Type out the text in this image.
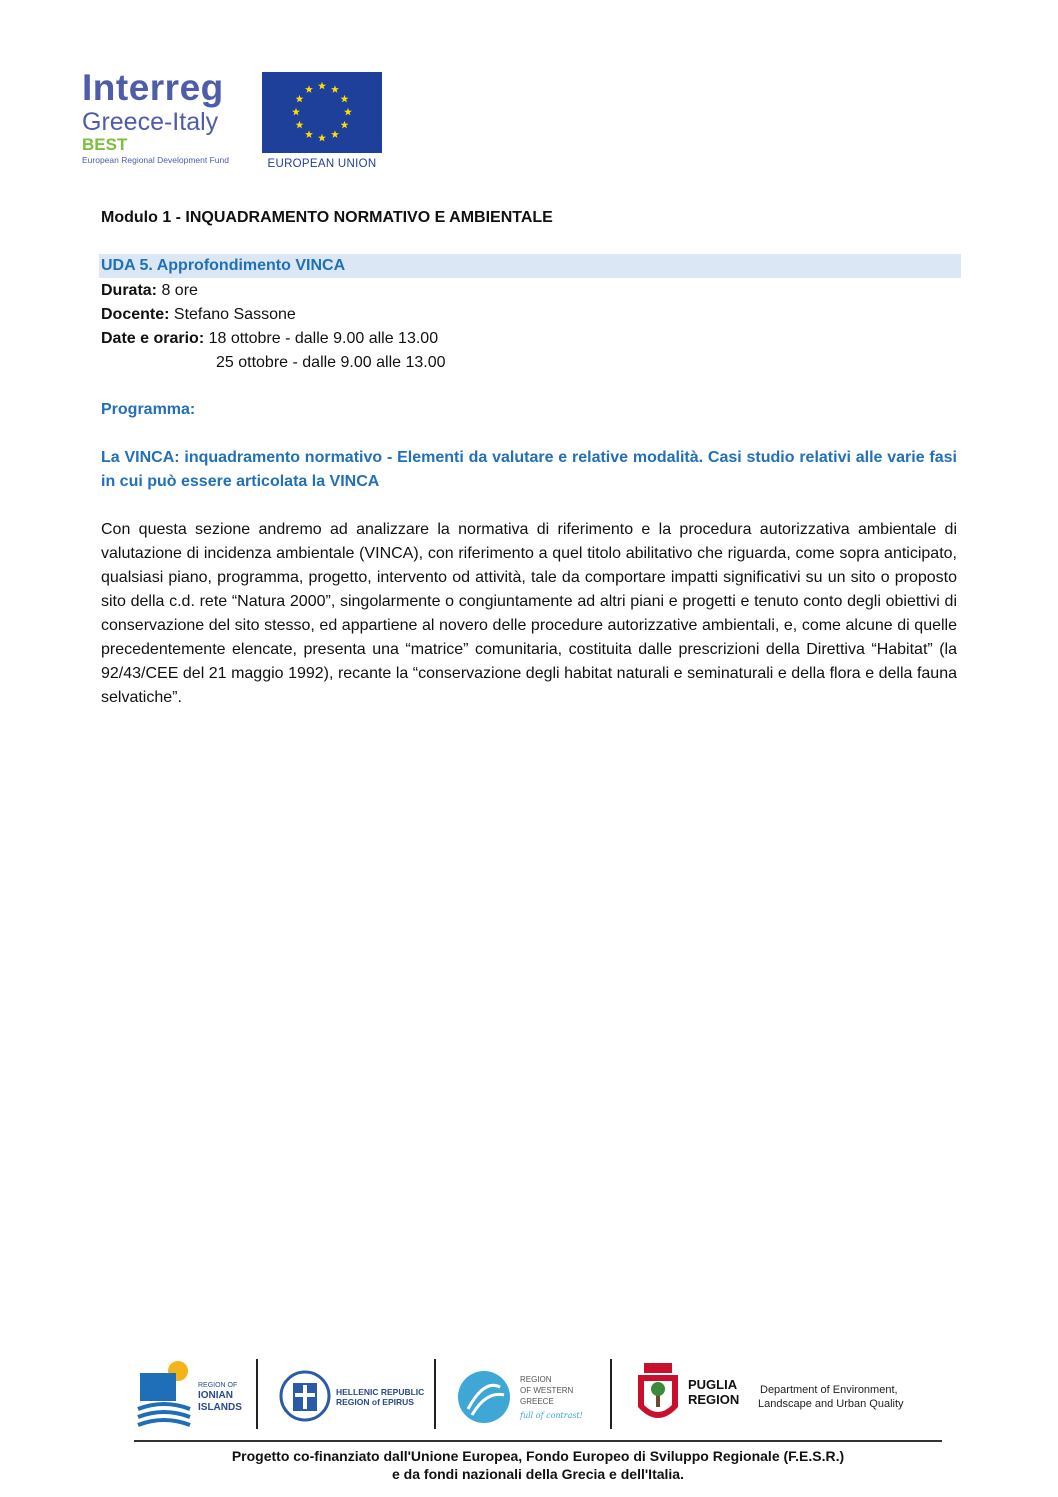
Interreg
Greece-Italy
BEST
European Regional Development Fund	EUROPEAN UNION
Modulo 1 - INQUADRAMENTO NORMATIVO E AMBIENTALE
UDA 5. Approfondimento VINCA
Durata: 8 ore
Docente: Stefano Sassone
Date e orario: 18 ottobre - dalle 9.00 alle 13.00
25 ottobre - dalle 9.00 alle 13.00
Programma:
La VINCA: inquadramento normativo - Elementi da valutare e relative modalità. Casi studio relativi alle varie fasi in cui può essere articolata la VINCA
Con questa sezione andremo ad analizzare la normativa di riferimento e la procedura autorizzativa ambientale di valutazione di incidenza ambientale (VINCA), con riferimento a quel titolo abilitativo che riguarda, come sopra anticipato, qualsiasi piano, programma, progetto, intervento od attività, tale da comportare impatti significativi su un sito o proposto sito della c.d. rete “Natura 2000”, singolarmente o congiuntamente ad altri piani e progetti e tenuto conto degli obiettivi di conservazione del sito stesso, ed appartiene al novero delle procedure autorizzative ambientali, e, come alcune di quelle precedentemente elencate, presenta una “matrice” comunitaria, costituita dalle prescrizioni della Direttiva “Habitat” (la 92/43/CEE del 21 maggio 1992), recante la “conservazione degli habitat naturali e seminaturali e della flora e della fauna selvatiche”.
REGION OF
IONIAN
ISLANDS
HELLENIC REPUBLIC
REGION of EPIRUS
REGION
OF WESTERN
GREECE
full of contrast!
PUGLIA
REGION
Department of Environment,
Landscape and Urban Quality
Progetto co-finanziato dall'Unione Europea, Fondo Europeo di Sviluppo Regionale (F.E.S.R.)
e da fondi nazionali della Grecia e dell'Italia.
